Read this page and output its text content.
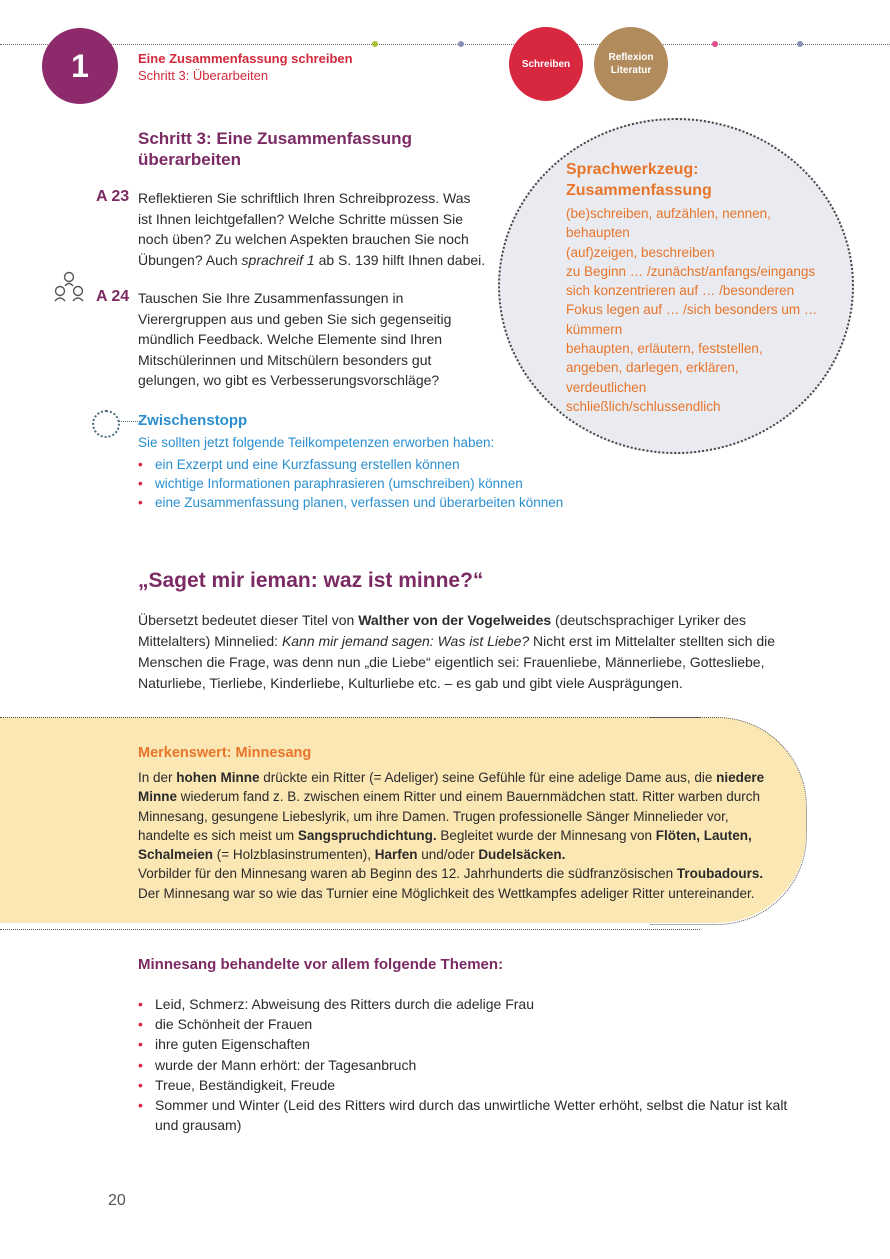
1	Eine Zusammenfassung schreiben
Schritt 3: Überarbeiten
Schreiben
Reflexion Literatur
Sprachwerkzeug: Zusammenfassung
(be)schreiben, aufzählen, nennen,
behaupten
(auf)zeigen, beschreiben
zu Beginn … /zunächst/anfangs/eingangs
sich konzentrieren auf … /besonderen
Fokus legen auf … /sich besonders um …
kümmern
behaupten, erläutern, feststellen,
angeben, darlegen, erklären,
verdeutlichen
schließlich/schlussendlich
Schritt 3: Eine Zusammenfassung überarbeiten
A 23 Reflektieren Sie schriftlich Ihren Schreibprozess. Was ist Ihnen leichtgefallen? Welche Schritte müssen Sie noch üben? Zu welchen Aspekten brauchen Sie noch Übungen? Auch sprachreif 1 ab S. 139 hilft Ihnen dabei.
A 24 Tauschen Sie Ihre Zusammenfassungen in Vierergruppen aus und geben Sie sich gegenseitig mündlich Feedback. Welche Elemente sind Ihren Mitschülerinnen und Mitschülern besonders gut gelungen, wo gibt es Verbesserungsvorschläge?
Zwischenstopp
Sie sollten jetzt folgende Teilkompetenzen erworben haben:
• ein Exzerpt und eine Kurzfassung erstellen können
• wichtige Informationen paraphrasieren (umschreiben) können
• eine Zusammenfassung planen, verfassen und überarbeiten können
„Saget mir ieman: waz ist minne?“
Übersetzt bedeutet dieser Titel von Walther von der Vogelweides (deutschsprachiger Lyriker des Mittelalters) Minnelied: Kann mir jemand sagen: Was ist Liebe? Nicht erst im Mittelalter stellten sich die Menschen die Frage, was denn nun „die Liebe“ eigentlich sei: Frauenliebe, Männerliebe, Gottesliebe, Naturliebe, Tierliebe, Kinderliebe, Kulturliebe etc. – es gab und gibt viele Ausprägungen.
Merkenswert: Minnesang
In der hohen Minne drückte ein Ritter (= Adeliger) seine Gefühle für eine adelige Dame aus, die niedere Minne wiederum fand z. B. zwischen einem Ritter und einem Bauernmädchen statt. Ritter warben durch Minnesang, gesungene Liebeslyrik, um ihre Damen. Trugen professionelle Sänger Minnelieder vor, handelte es sich meist um Sangspruchdichtung. Begleitet wurde der Minnesang von Flöten, Lauten, Schalmeien (= Holzblasinstrumenten), Harfen und/oder Dudelsäcken.
Vorbilder für den Minnesang waren ab Beginn des 12. Jahrhunderts die südfranzösischen Troubadours.
Der Minnesang war so wie das Turnier eine Möglichkeit des Wettkampfes adeliger Ritter untereinander.
Minnesang behandelte vor allem folgende Themen:
• Leid, Schmerz: Abweisung des Ritters durch die adelige Frau
• die Schönheit der Frauen
• ihre guten Eigenschaften
• wurde der Mann erhört: der Tagesanbruch
• Treue, Beständigkeit, Freude
• Sommer und Winter (Leid des Ritters wird durch das unwirtliche Wetter erhöht, selbst die Natur ist kalt und grausam)
20
